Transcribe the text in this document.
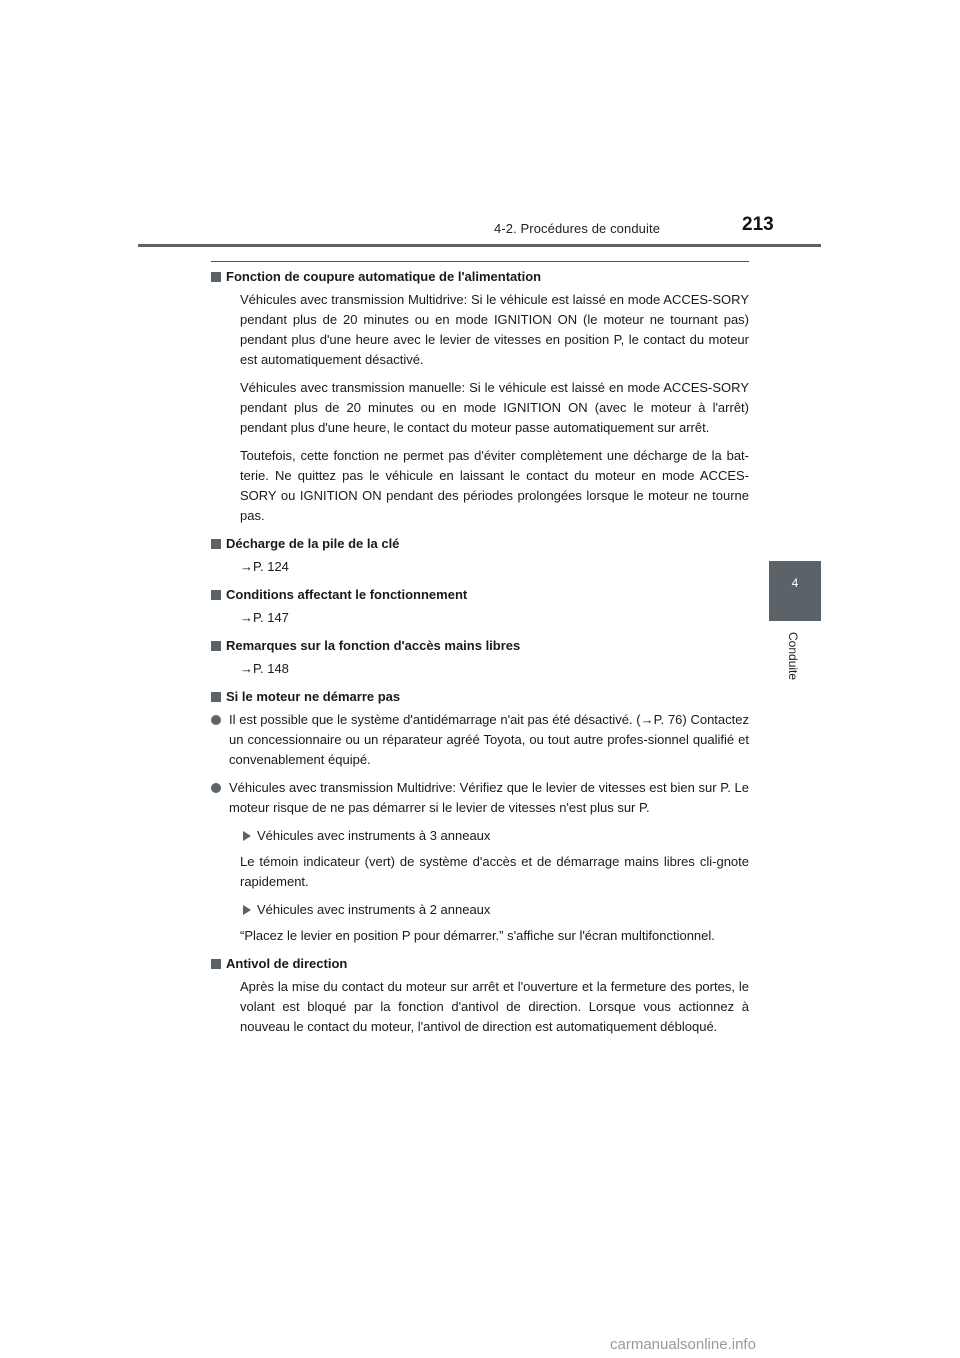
4-2. Procédures de conduite	213
4
Conduite
Fonction de coupure automatique de l'alimentation

Véhicules avec transmission Multidrive: Si le véhicule est laissé en mode ACCES-SORY pendant plus de 20 minutes ou en mode IGNITION ON (le moteur ne tournant pas) pendant plus d'une heure avec le levier de vitesses en position P, le contact du moteur est automatiquement désactivé.

Véhicules avec transmission manuelle: Si le véhicule est laissé en mode ACCES-SORY pendant plus de 20 minutes ou en mode IGNITION ON (avec le moteur à l'arrêt) pendant plus d'une heure, le contact du moteur passe automatiquement sur arrêt.

Toutefois, cette fonction ne permet pas d'éviter complètement une décharge de la bat-terie. Ne quittez pas le véhicule en laissant le contact du moteur en mode ACCES-SORY ou IGNITION ON pendant des périodes prolongées lorsque le moteur ne tourne pas.

Décharge de la pile de la clé

→P. 124

Conditions affectant le fonctionnement

→P. 147

Remarques sur la fonction d'accès mains libres

→P. 148

Si le moteur ne démarre pas
Il est possible que le système d'antidémarrage n'ait pas été désactivé. (→P. 76) Contactez un concessionnaire ou un réparateur agréé Toyota, ou tout autre profes-sionnel qualifié et convenablement équipé.
Véhicules avec transmission Multidrive: Vérifiez que le levier de vitesses est bien sur P. Le moteur risque de ne pas démarrer si le levier de vitesses n'est plus sur P.
Véhicules avec instruments à 3 anneaux

Le témoin indicateur (vert) de système d'accès et de démarrage mains libres cli-gnote rapidement.

Véhicules avec instruments à 2 anneaux

“Placez le levier en position P pour démarrer.” s'affiche sur l'écran multifonctionnel.

Antivol de direction

Après la mise du contact du moteur sur arrêt et l'ouverture et la fermeture des portes, le volant est bloqué par la fonction d'antivol de direction. Lorsque vous actionnez à nouveau le contact du moteur, l'antivol de direction est automatiquement débloqué.

carmanualsonline.info
